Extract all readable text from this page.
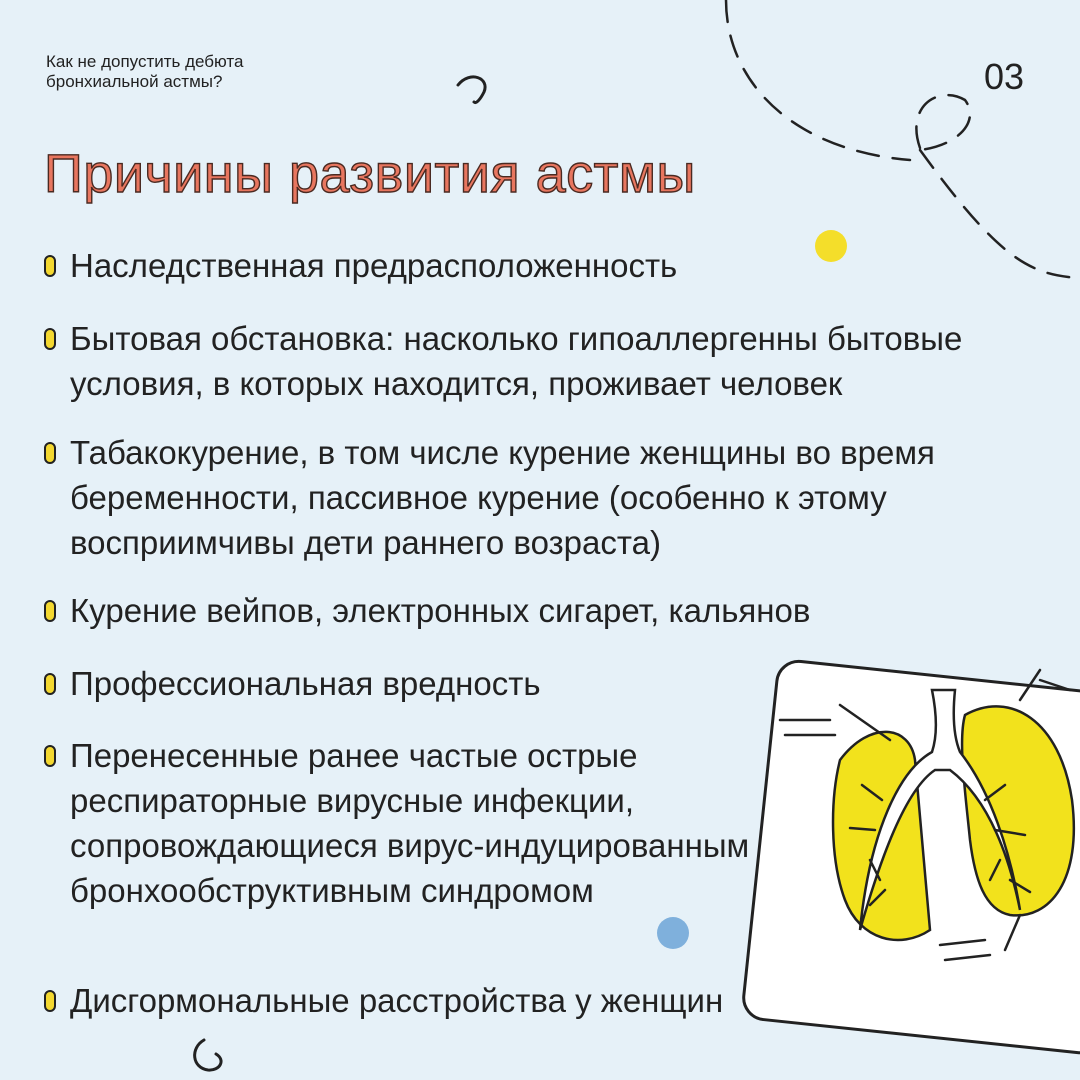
Как не допустить дебюта
бронхиальной астмы?	03
Причины развития астмы
Наследственная предрасположенность
Бытовая обстановка: насколько гипоаллергенны бытовые условия, в которых находится, проживает человек
Табакокурение, в том числе курение женщины во время беременности, пассивное курение (особенно к этому восприимчивы дети раннего возраста)
Курение вейпов, электронных сигарет, кальянов
Профессиональная вредность
Перенесенные ранее частые острые респираторные вирусные инфекции, сопровождающиеся вирус-индуцированным бронхообструктивным синдромом
Дисгормональные расстройства у женщин
